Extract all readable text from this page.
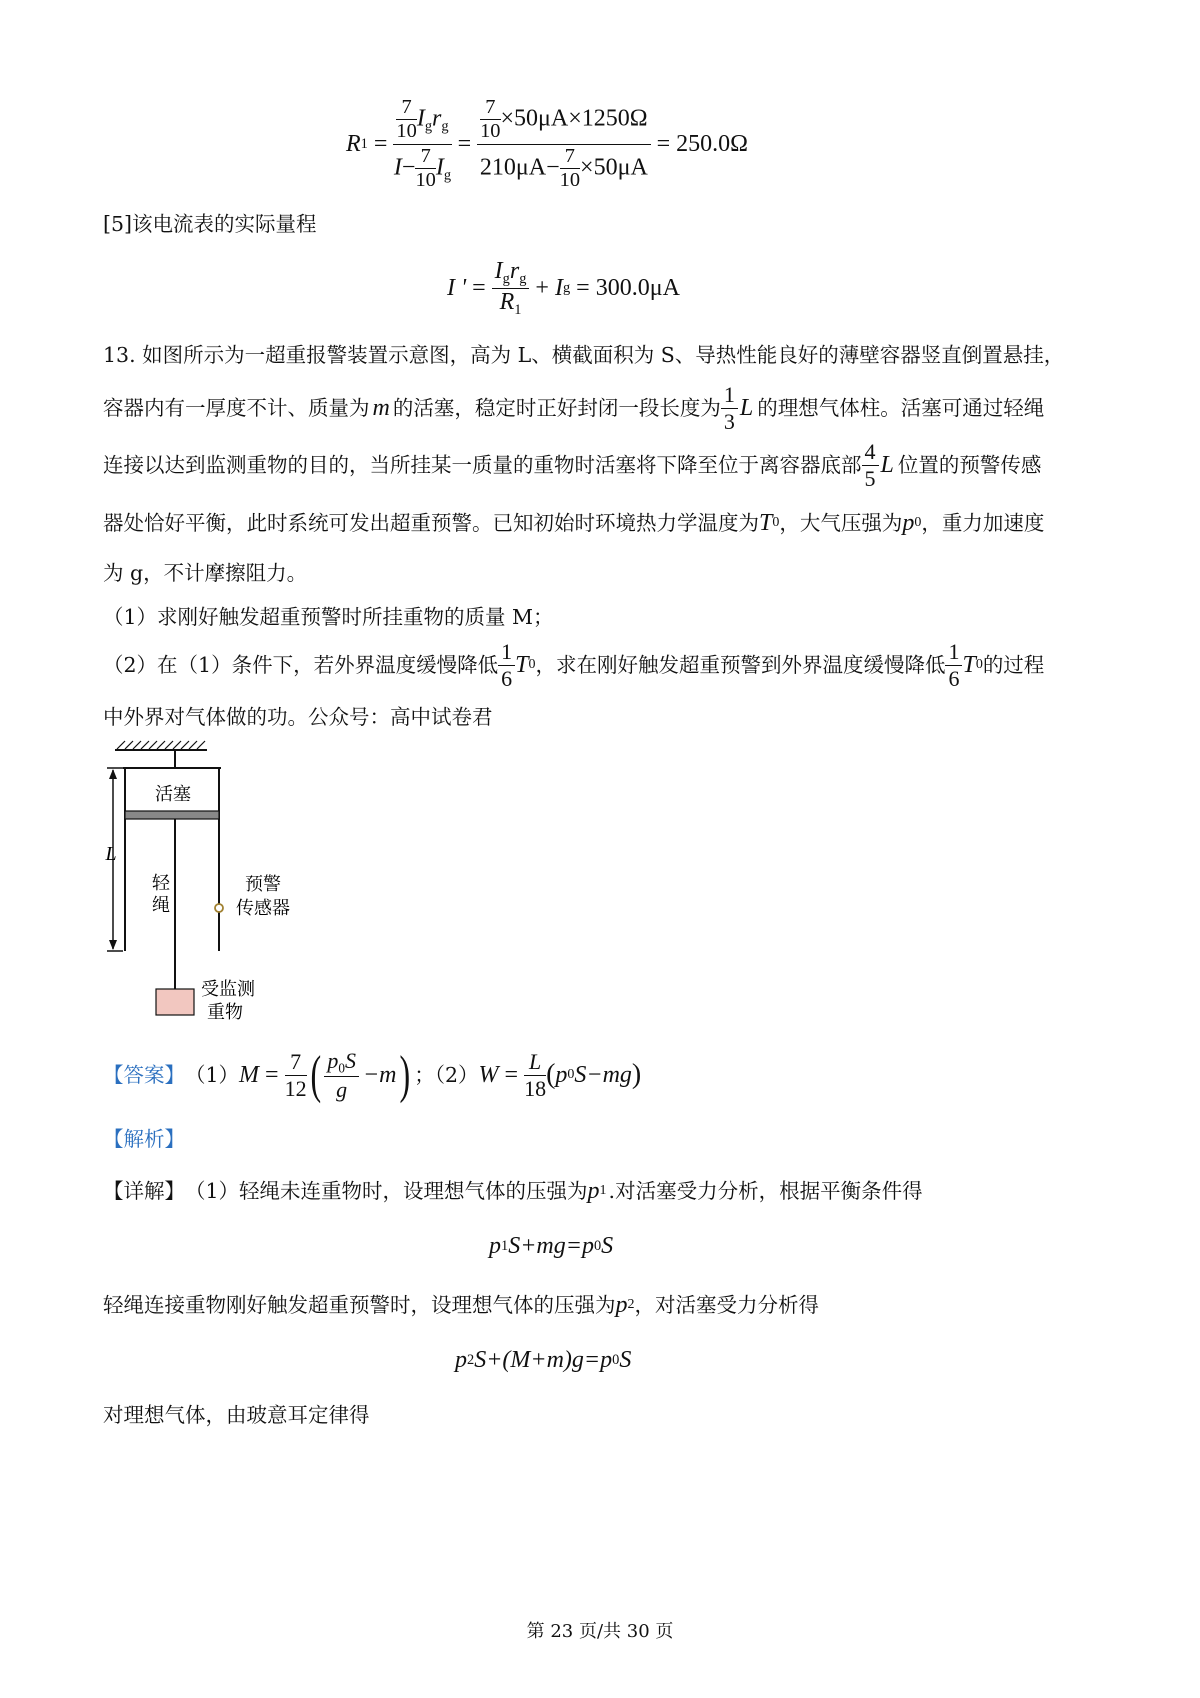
R $1 = \frac{\frac{7}{10} I_gr_g}{I- \frac{7}{10} I_g} = \frac{\frac{7}{10} \times 50\mu A\times 1250\Omega}{210\mu A- \frac{7}{10} \times 50\mu A} = 250.0\Omega$
[5]该电流表的实际量程
I ' = $\frac{I_gr_g}{R_1} + I$ g = 300.0μA
13. 如图所示为一超重报警装置示意图，高为 L、横截面积为 S、导热性能良好的薄壁容器竖直倒置悬挂，
容器内有一厚度不计、质量为 m 的活塞，稳定时正好封闭一段长度为 $\frac{1}{3}$ L 的理想气体柱。活塞可通过轻绳
连接以达到监测重物的目的，当所挂某一质量的重物时活塞将下降至位于离容器底部 $\frac{4}{5}$ L 位置的预警传感
器处恰好平衡，此时系统可发出超重预警。已知初始时环境热力学温度为 T 0 ，大气压强为 p 0 ，重力加速度
为 g，不计摩擦阻力。
（1）求刚好触发超重预警时所挂重物的质量 M；
（2）在（1）条件下，若外界温度缓慢降低 $\frac{1}{6}$ T 0 ，求在刚好触发超重预警到外界温度缓慢降低 $\frac{1}{6}$ T 0 的过程
中外界对气体做的功。公众号：高中试卷君
活塞
轻
绳
预警
传感器
L
受监测
重物
【答案】 （1） $M = \frac{7}{12}$ ( $\frac{p_0S}{g} -m$ ) ；（2） $W = \frac{L}{18}$ ( p 0 S−mg )
【解析】
【详解】 （1）轻绳未连重物时，设理想气体的压强为 p 1 . 对活塞受力分析，根据平衡条件得
p 1 S+mg= p 0 S
轻绳连接重物刚好触发超重预警时，设理想气体的压强为 p 2 ，对活塞受力分析得
p 2 S+(M+m)g= p 0 S
对理想气体，由玻意耳定律得
第 23 页/共 30 页
